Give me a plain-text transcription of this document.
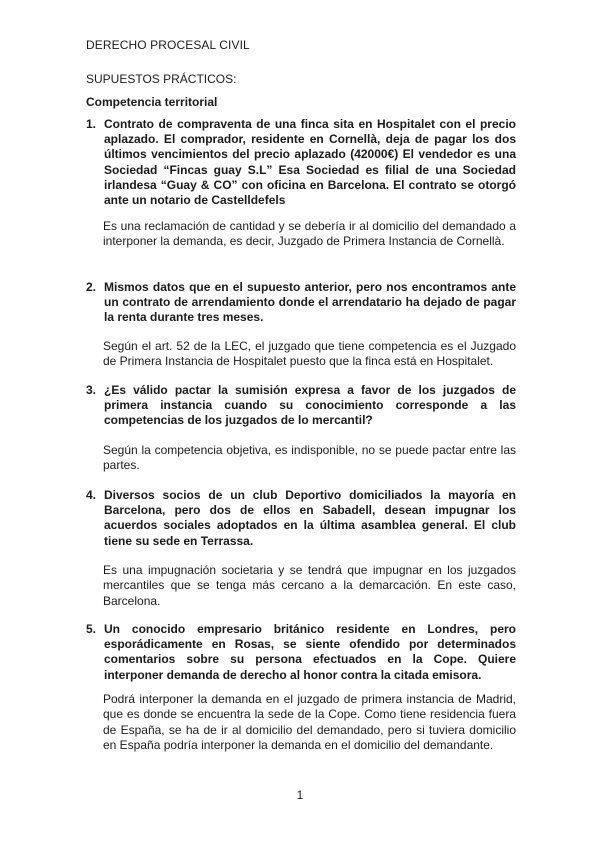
DERECHO PROCESAL CIVIL
SUPUESTOS PRÁCTICOS:
Competencia territorial
1. Contrato de compraventa de una finca sita en Hospitalet con el precio aplazado. El comprador, residente en Cornellà, deja de pagar los dos últimos vencimientos del precio aplazado (42000€) El vendedor es una Sociedad “Fincas guay S.L” Esa Sociedad es filial de una Sociedad irlandesa “Guay & CO” con oficina en Barcelona. El contrato se otorgó ante un notario de Castelldefels
Es una reclamación de cantidad y se debería ir al domicilio del demandado a interponer la demanda, es decir, Juzgado de Primera Instancia de Cornellà.
2. Mismos datos que en el supuesto anterior, pero nos encontramos ante un contrato de arrendamiento donde el arrendatario ha dejado de pagar la renta durante tres meses.
Según el art. 52 de la LEC, el juzgado que tiene competencia es el Juzgado de Primera Instancia de Hospitalet puesto que la finca está en Hospitalet.
3. ¿Es válido pactar la sumisión expresa a favor de los juzgados de primera instancia cuando su conocimiento corresponde a las competencias de los juzgados de lo mercantil?
Según la competencia objetiva, es indisponible, no se puede pactar entre las partes.
4. Diversos socios de un club Deportivo domiciliados la mayoría en Barcelona, pero dos de ellos en Sabadell, desean impugnar los acuerdos sociales adoptados en la última asamblea general. El club tiene su sede en Terrassa.
Es una impugnación societaria y se tendrá que impugnar en los juzgados mercantiles que se tenga más cercano a la demarcación. En este caso, Barcelona.
5. Un conocido empresario británico residente en Londres, pero esporádicamente en Rosas, se siente ofendido por determinados comentarios sobre su persona efectuados en la Cope. Quiere interponer demanda de derecho al honor contra la citada emisora.
Podrá interponer la demanda en el juzgado de primera instancia de Madrid, que es donde se encuentra la sede de la Cope. Como tiene residencia fuera de España, se ha de ir al domicilio del demandado, pero si tuviera domicilio en España podría interponer la demanda en el domicilio del demandante.
1
